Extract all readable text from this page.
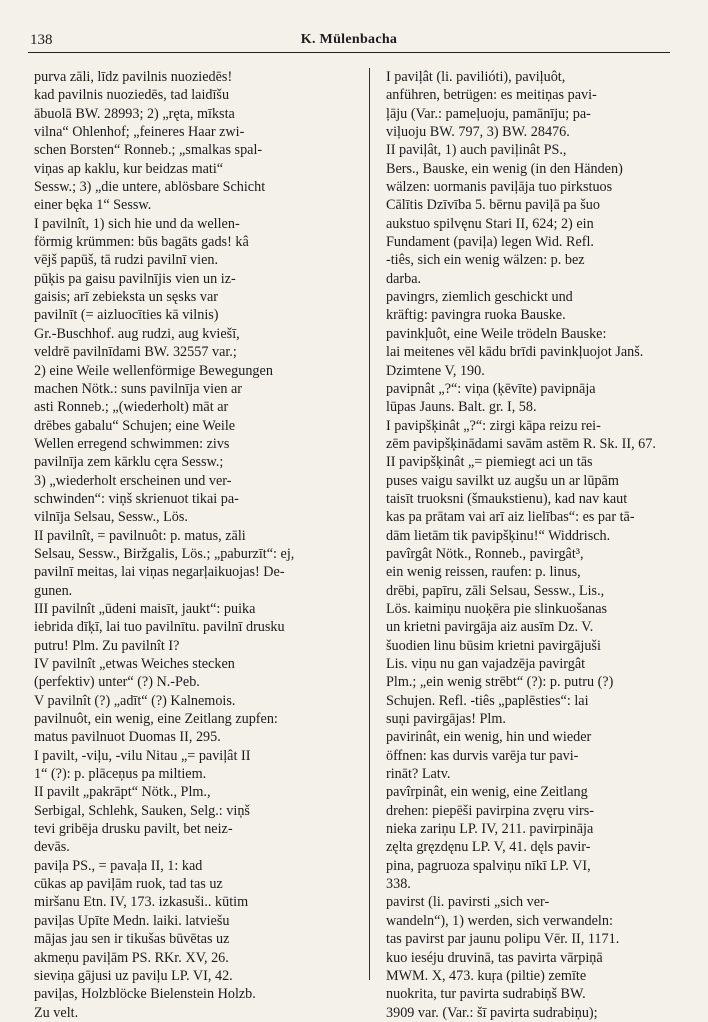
138	K. Mülenbacha
purva zāli, līdz pavilnis nuoziedēs!
kad pavilnis nuoziedēs, tad laidīšu
ābuolā BW. 28993; 2) „ręta, mīksta
vilna“ Ohlenhof; „feineres Haar zwi-
schen Borsten“ Ronneb.; „smalkas spal-
viņas ap kaklu, kur beidzas mati“
Sessw.; 3) „die untere, ablösbare Schicht
einer bęka 1“ Sessw.
I pavilnît, 1) sich hie und da wellen-
förmig krümmen: būs bagāts gads! kâ
vējš papūš, tā rudzi pavilnī vien.
pūķis pa gaisu pavilnījis vien un iz-
gaisis; arī zebieksta un sęsks var
pavilnīt (= aizluocīties kā vilnis)
Gr.-Buschhof. aug rudzi, aug kviešī,
veldrē pavilnīdami BW. 32557 var.;
2) eine Weile wellenförmige Bewegungen
machen Nötk.: suns pavilnīja vien ar
asti Ronneb.; „(wiederholt) māt ar
drēbes gabalu“ Schujen; eine Weile
Wellen erregend schwimmen: zivs
pavilnīja zem kārklu cęra Sessw.;
3) „wiederholt erscheinen und ver-
schwinden“: viņš skrienuot tikai pa-
vilnīja Selsau, Sessw., Lös.
II pavilnît, = pavilnuôt: p. matus, zāli
Selsau, Sessw., Biržgalis, Lös.; „paburzīt“: ej,
pavilnī meitas, lai viņas negarļaikuojas! De-
gunen.
III pavilnît „ūdeni maisīt, jaukt“: puika
iebrida dīķī, lai tuo pavilnītu. pavilnī drusku
putru! Plm. Zu pavilnît I?
IV pavilnît „etwas Weiches stecken
(perfektiv) unter“ (?) N.-Peb.
V pavilnît (?) „adīt“ (?) Kalnemois.
pavilnuôt, ein wenig, eine Zeitlang zupfen:
matus pavilnuot Duomas II, 295.
I pavilt, -viļu, -vilu Nitau „= paviļât II
1“ (?): p. plāceņus pa miltiem.
II pavilt „pakrāpt“ Nötk., Plm.,
Serbigal, Schlehk, Sauken, Selg.: viņš
tevi gribēja drusku pavilt, bet neiz-
devās.
paviļa PS., = pavaļa II, 1: kad
cūkas ap paviļām ruok, tad tas uz
miršanu Etn. IV, 173. izkasuši.. kūtim
paviļas Upīte Medn. laiki. latviešu
mājas jau sen ir tikušas būvētas uz
akmeņu paviļām PS. RKr. XV, 26.
sieviņa gājusi uz paviļu LP. VI, 42.
paviļas, Holzblöcke Bielenstein Holzb.
Zu velt.
I paviļât (li. pavilióti), paviļuôt,
anführen, betrügen: es meitiņas pavi-
ļāju (Var.: pameļuoju, pamānīju; pa-
viļuoju BW. 797, 3) BW. 28476.
II paviļât, 1) auch paviļinât PS.,
Bers., Bauske, ein wenig (in den Händen)
wälzen: uormanis paviļāja tuo pirkstuos
Cālītis Dzīvība 5. bērnu paviļā pa šuo
aukstuo spilvęnu Stari II, 624; 2) ein
Fundament (paviļa) legen Wid. Refl.
-tiês, sich ein wenig wälzen: p. bez
darba.
pavingrs, ziemlich geschickt und
kräftig: pavingra ruoka Bauske.
pavinkļuôt, eine Weile trödeln Bauske:
lai meitenes vēl kādu brīdi pavinkļuojot Janš.
Dzimtene V, 190.
pavipnât „?“: viņa (ķēvīte) pavipnāja
lūpas Jauns. Balt. gr. I, 58.
I pavipšķinât „?“: zirgi kāpa reizu rei-
zēm pavipšķinādami savām astēm R. Sk. II, 67.
II pavipšķinât „= piemiegt aci un tās
puses vaigu savilkt uz augšu un ar lūpām
taisīt truoksni (šmaukstienu), kad nav kaut
kas pa prātam vai arī aiz lielības“: es par tā-
dām lietām tik pavipšķinu!“ Widdrisch.
pavîrgât Nötk., Ronneb., pavirgât³,
ein wenig reissen, raufen: p. linus,
drēbi, papīru, zāli Selsau, Sessw., Lis.,
Lös. kaimiņu nuoķēra pie slinkuošanas
un krietni pavirgāja aiz ausīm Dz. V.
šuodien linu būsim krietni pavirgājuši
Lis. viņu nu gan vajadzēja pavirgât
Plm.; „ein wenig strēbt“ (?): p. putru (?)
Schujen. Refl. -tiês „paplēsties“: lai
suņi pavirgājas! Plm.
pavirinât, ein wenig, hin und wieder
öffnen: kas durvis varēja tur pavi-
rināt? Latv.
pavîrpinât, ein wenig, eine Zeitlang
drehen: piepēši pavirpina zvęru virs-
nieka zariņu LP. IV, 211. pavirpināja
zęlta gręzdęnu LP. V, 41. dęls pavir-
pina, pagruoza spalviņu nīkī LP. VI,
338.
pavirst (li. pavirsti „sich ver-
wandeln“), 1) werden, sich verwandeln:
tas pavirst par jaunu polipu Vēr. II, 1171.
kuo ieséju druvinā, tas pavirta vārpiņā
MWM. X, 473. kuŗa (piltie) zemīte
nuokrita, tur pavirta sudrabiņš BW.
3909 var. (Var.: šī pavirta sudrabiņu);
